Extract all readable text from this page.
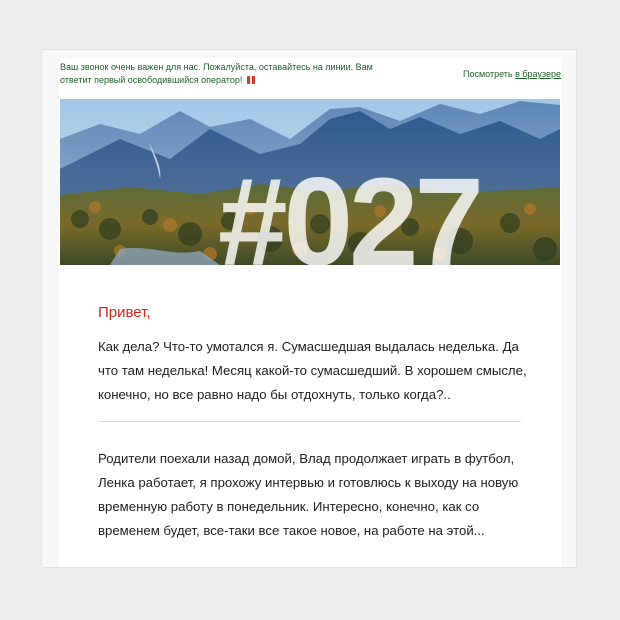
Ваш звонок очень важен для нас. Пожалуйста, оставайтесь на линии. Вам ответит первый освободившийся оператор!
Посмотреть в браузере
#027
Привет,
Как дела? Что-то умотался я. Сумасшедшая выдалась неделька. Да что там неделька! Месяц какой-то сумасшедший. В хорошем смысле, конечно, но все равно надо бы отдохнуть, только когда?..
Родители поехали назад домой, Влад продолжает играть в футбол, Ленка работает, я прохожу интервью и готовлюсь к выходу на новую временную работу в понедельник. Интересно, конечно, как со временем будет, все-таки все такое новое, на работе на этой...
